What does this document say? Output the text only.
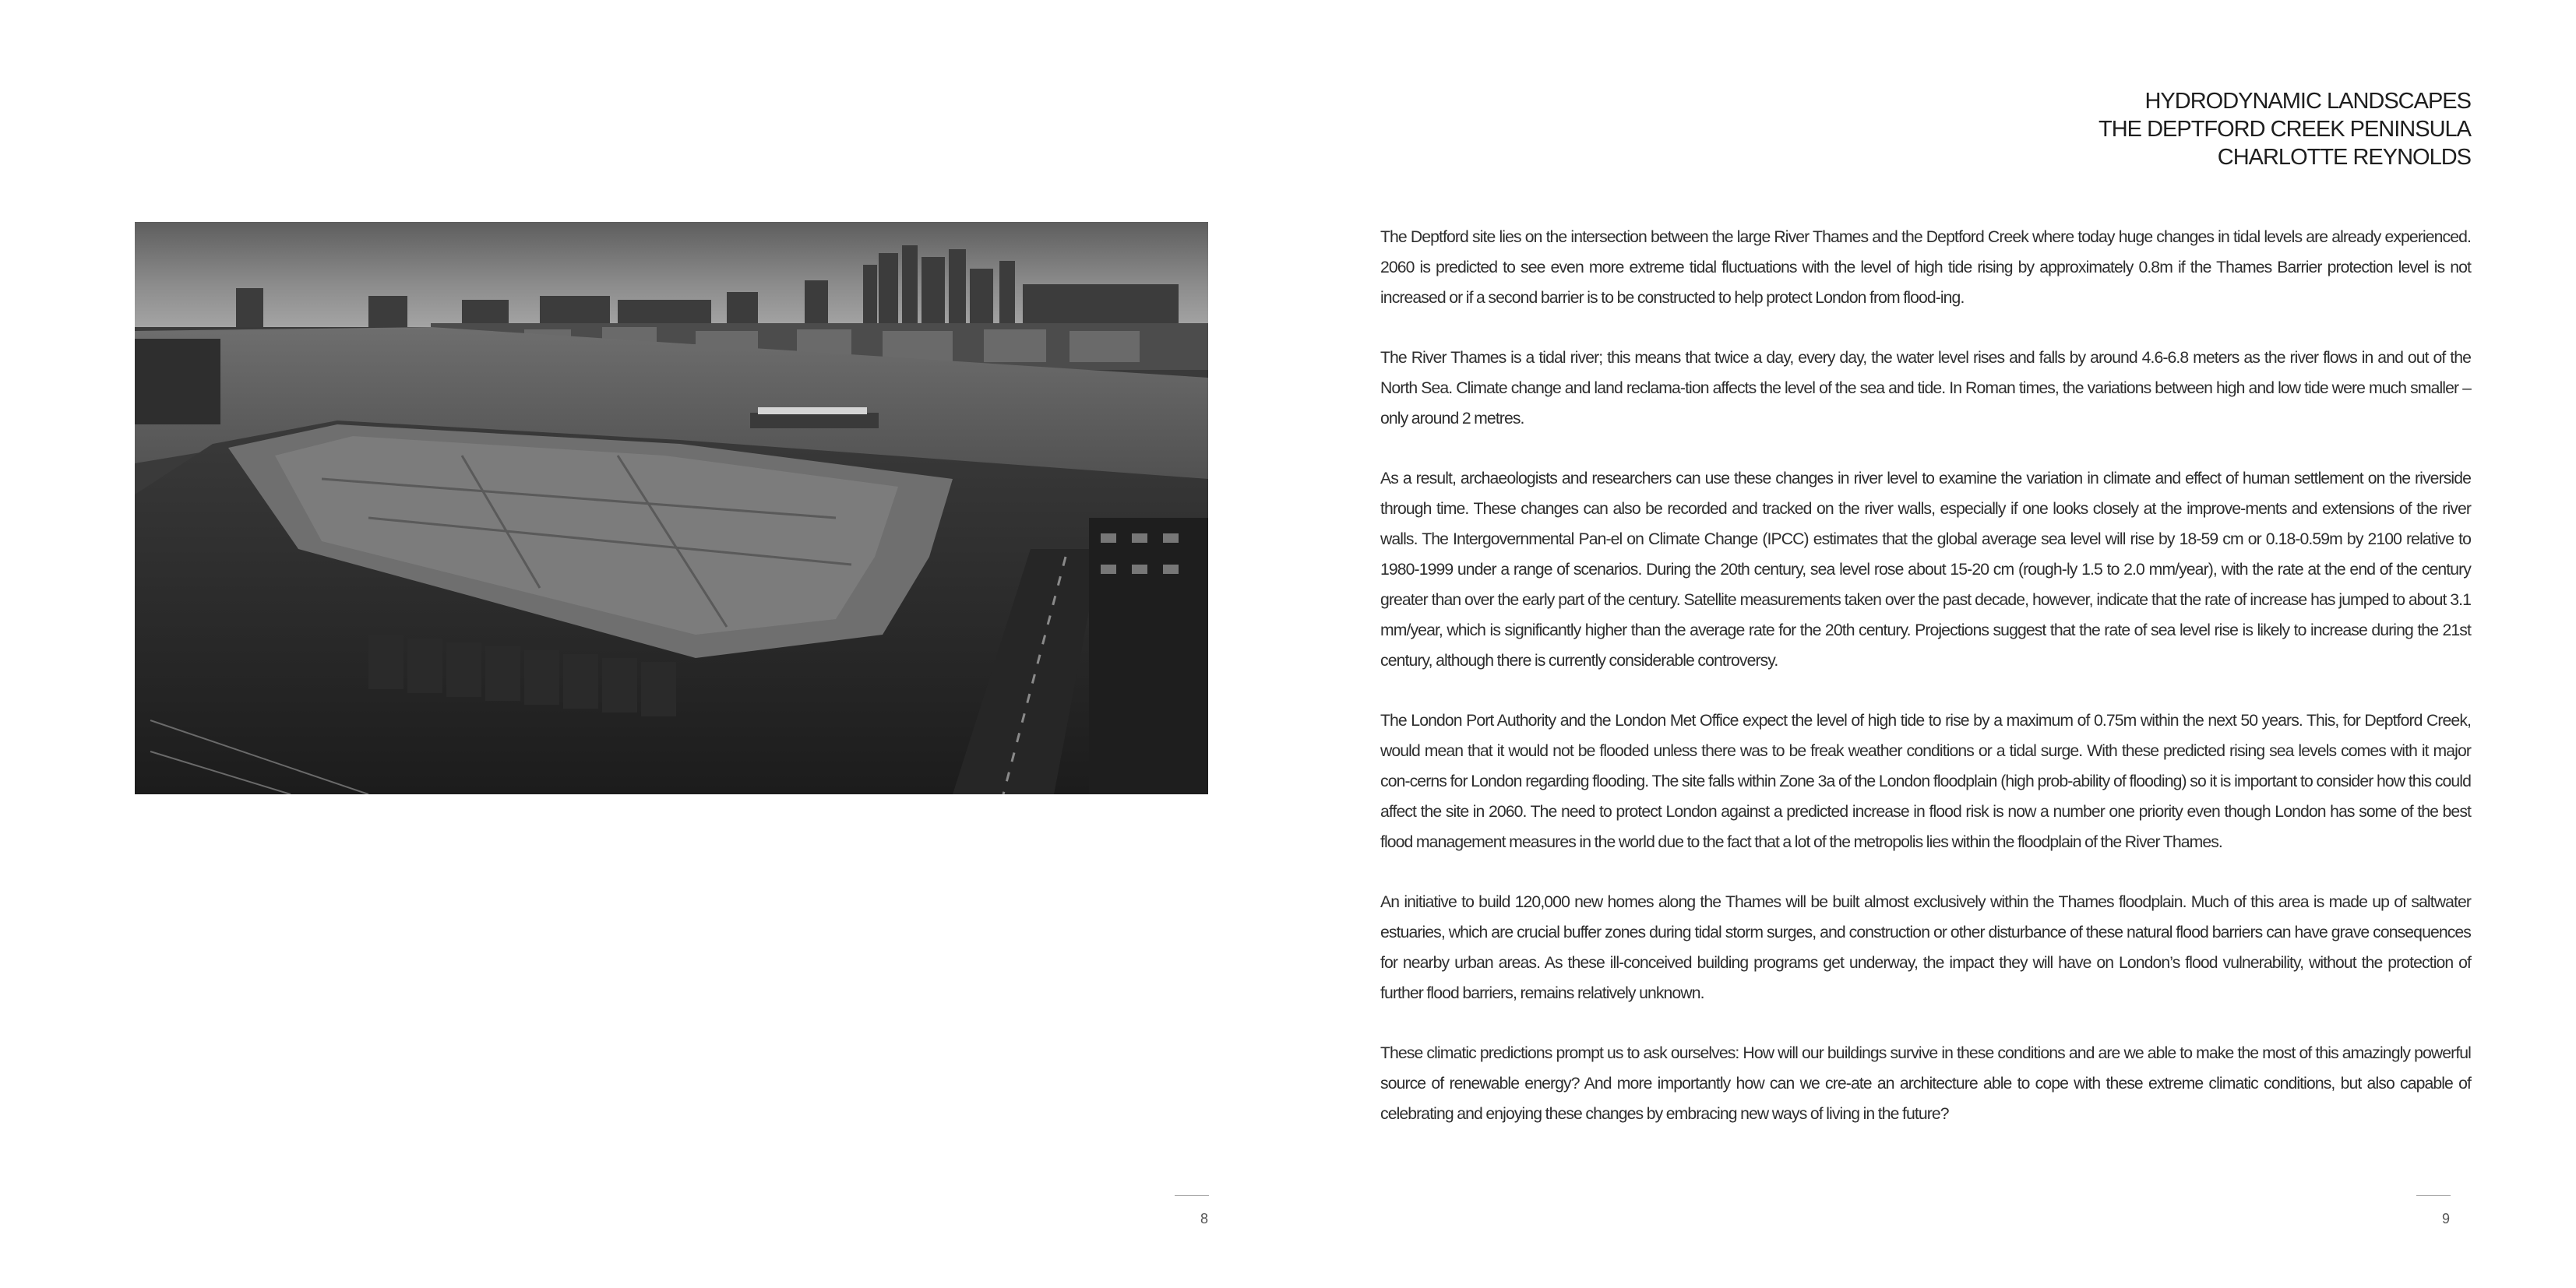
8
HYDRODYNAMIC LANDSCAPES
THE DEPTFORD CREEK PENINSULA
CHARLOTTE REYNOLDS

The Deptford site lies on the intersection between the large River Thames and the Deptford Creek where today huge changes in tidal levels are already experienced. 2060 is predicted to see even more extreme tidal fluctuations with the level of high tide rising by approximately 0.8m if the Thames Barrier protection level is not increased or if a second barrier is to be constructed to help protect London from flood-ing.

The River Thames is a tidal river; this means that twice a day, every day, the water level rises and falls by around 4.6-6.8 meters as the river flows in and out of the North Sea. Climate change and land reclama-tion affects the level of the sea and tide. In Roman times, the variations between high and low tide were much smaller – only around 2 metres.

As a result, archaeologists and researchers can use these changes in river level to examine the variation in climate and effect of human settlement on the riverside through time. These changes can also be recorded and tracked on the river walls, especially if one looks closely at the improve-ments and extensions of the river walls. The Intergovernmental Pan-el on Climate Change (IPCC) estimates that the global average sea level will rise by 18-59 cm or 0.18-0.59m by 2100 relative to 1980-1999 under a range of scenarios. During the 20th century, sea level rose about 15-20 cm (rough-ly 1.5 to 2.0 mm/year), with the rate at the end of the century greater than over the early part of the century. Satellite measurements taken over the past decade, however, indicate that the rate of increase has jumped to about 3.1 mm/year, which is significantly higher than the average rate for the 20th century. Projections suggest that the rate of sea level rise is likely to increase during the 21st century, although there is currently considerable controversy.

The London Port Authority and the London Met Office expect the level of high tide to rise by a maximum of 0.75m within the next 50 years. This, for Deptford Creek, would mean that it would not be flooded unless there was to be freak weather conditions or a tidal surge. With these predicted rising sea levels comes with it major con-cerns for London regarding flooding. The site falls within Zone 3a of the London floodplain (high prob-ability of flooding) so it is important to consider how this could affect the site in 2060. The need to protect London against a predicted increase in flood risk is now a number one priority even though London has some of the best flood management measures in the world due to the fact that a lot of the metropolis lies within the floodplain of the River Thames.

An initiative to build 120,000 new homes along the Thames will be built almost exclusively within the Thames floodplain. Much of this area is made up of saltwater estuaries, which are crucial buffer zones during tidal storm surges, and construction or other disturbance of these natural flood barriers can have grave consequences for nearby urban areas. As these ill-conceived building programs get underway, the impact they will have on London’s flood vulnerability, without the protection of further flood barriers, remains relatively unknown.

These climatic predictions prompt us to ask ourselves: How will our buildings survive in these conditions and are we able to make the most of this amazingly powerful source of renewable energy? And more importantly how can we cre-ate an architecture able to cope with these extreme climatic conditions, but also capable of celebrating and enjoying these changes by embracing new ways of living in the future?

9
